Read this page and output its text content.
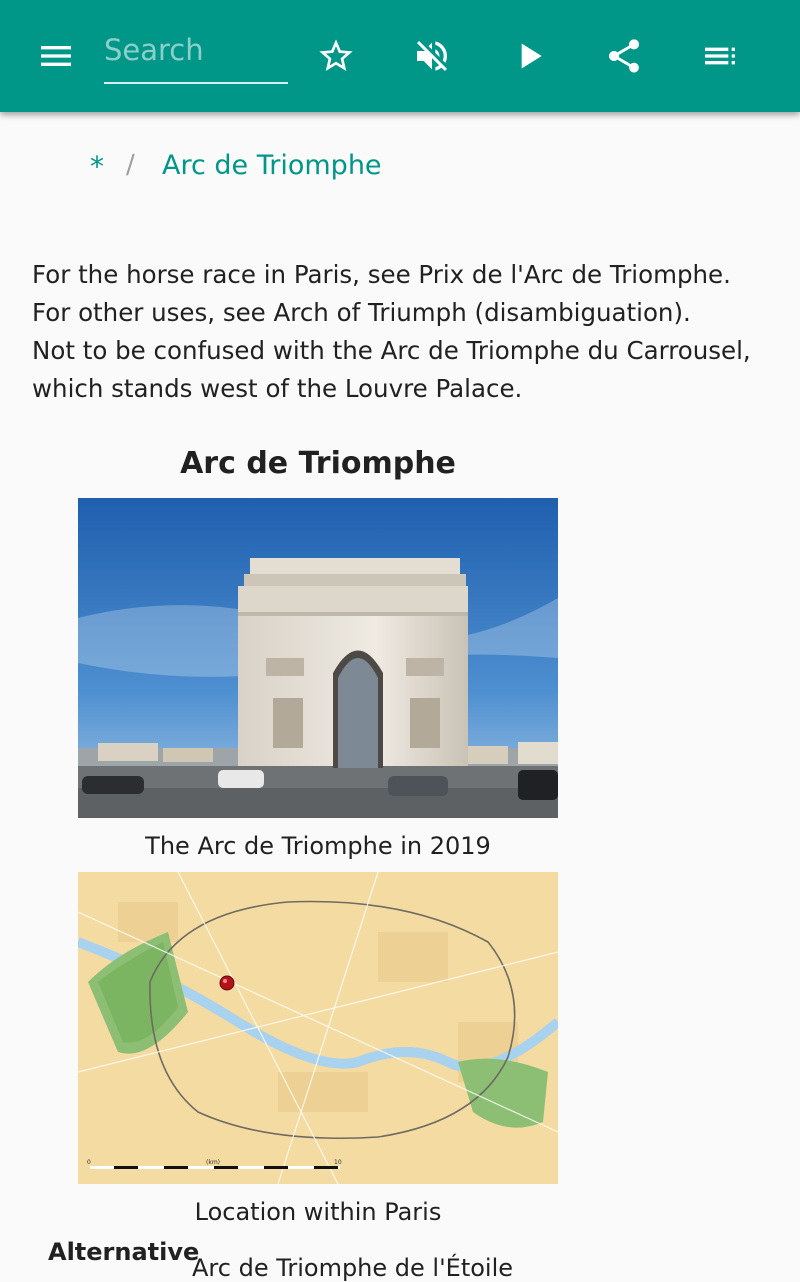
Search
* / Arc de Triomphe

For the horse race in Paris, see Prix de l'Arc de Triomphe. For other uses, see Arch of Triumph (disambiguation).

Not to be confused with the Arc de Triomphe du Carrousel, which stands west of the Louvre Palace.

Arc de Triomphe
The Arc de Triomphe in 2019
0	(km)	10
Location within Paris
Alternative
Arc de Triomphe de l'Étoile
